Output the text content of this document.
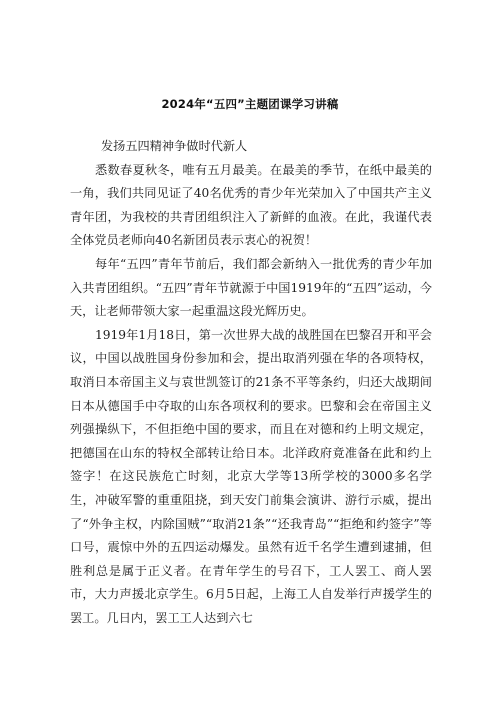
2024年“五四”主题团课学习讲稿

发扬五四精神争做时代新人

悉数春夏秋冬，唯有五月最美。在最美的季节，在纸中最美的一角，我们共同见证了40名优秀的青少年光荣加入了中国共产主义青年团，为我校的共青团组织注入了新鲜的血液。在此，我谨代表全体党员老师向40名新团员表示衷心的祝贺！

每年“五四”青年节前后，我们都会新纳入一批优秀的青少年加入共青团组织。“五四”青年节就源于中国1919年的“五四”运动，今天，让老师带领大家一起重温这段光辉历史。

1919年1月18日，第一次世界大战的战胜国在巴黎召开和平会议，中国以战胜国身份参加和会，提出取消列强在华的各项特权，取消日本帝国主义与袁世凯签订的21条不平等条约，归还大战期间日本从德国手中夺取的山东各项权利的要求。巴黎和会在帝国主义列强操纵下，不但拒绝中国的要求，而且在对德和约上明文规定，把德国在山东的特权全部转让给日本。北洋政府竟准备在此和约上签字！在这民族危亡时刻，北京大学等13所学校的3000多名学生，冲破军警的重重阻挠，到天安门前集会演讲、游行示威，提出了“外争主权，内除国贼”“取消21条”“还我青岛”“拒绝和约签字”等口号，震惊中外的五四运动爆发。虽然有近千名学生遭到逮捕，但胜利总是属于正义者。在青年学生的号召下，工人罢工、商人罢市，大力声援北京学生。6月5日起，上海工人自发举行声援学生的罢工。几日内，罢工工人达到六七
